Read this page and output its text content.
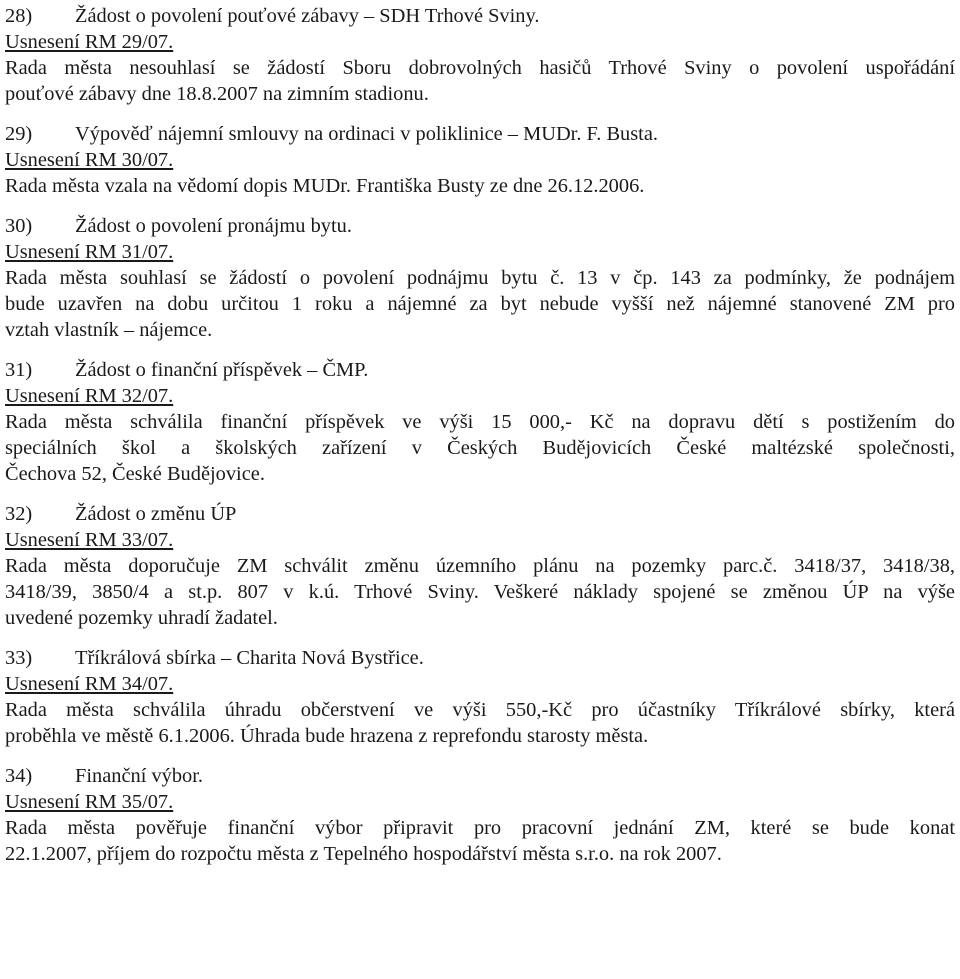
28) Žádost o povolení pouťové zábavy – SDH Trhové Sviny.
Usnesení RM 29/07.
Rada města nesouhlasí se žádostí Sboru dobrovolných hasičů Trhové Sviny o povolení uspořádání
pouťové zábavy dne 18.8.2007 na zimním stadionu.
29) Výpověď nájemní smlouvy na ordinaci v poliklinice – MUDr. F. Busta.
Usnesení RM 30/07.
Rada města vzala na vědomí dopis MUDr. Františka Busty ze dne 26.12.2006.
30) Žádost o povolení pronájmu bytu.
Usnesení RM 31/07.
Rada města souhlasí se žádostí o povolení podnájmu bytu č. 13 v čp. 143 za podmínky, že podnájem
bude uzavřen na dobu určitou 1 roku a nájemné za byt nebude vyšší než nájemné stanovené ZM pro
vztah vlastník – nájemce.
31) Žádost o finanční příspěvek – ČMP.
Usnesení RM 32/07.
Rada města schválila finanční příspěvek ve výši 15 000,- Kč na dopravu dětí s postižením do
speciálních škol a školských zařízení v Českých Budějovicích České maltézské společnosti,
Čechova 52, České Budějovice.
32) Žádost o změnu ÚP
Usnesení RM 33/07.
Rada města doporučuje ZM schválit změnu územního plánu na pozemky parc.č. 3418/37, 3418/38,
3418/39, 3850/4 a st.p. 807 v k.ú. Trhové Sviny. Veškeré náklady spojené se změnou ÚP na výše
uvedené pozemky uhradí žadatel.
33) Tříkrálová sbírka – Charita Nová Bystřice.
Usnesení RM 34/07.
Rada města schválila úhradu občerstvení ve výši 550,-Kč pro účastníky Tříkrálové sbírky, která
proběhla ve městě 6.1.2006. Úhrada bude hrazena z reprefondu starosty města.
34) Finanční výbor.
Usnesení RM 35/07.
Rada města pověřuje finanční výbor připravit pro pracovní jednání ZM, které se bude konat
22.1.2007, příjem do rozpočtu města z Tepelného hospodářství města s.r.o. na rok 2007.
